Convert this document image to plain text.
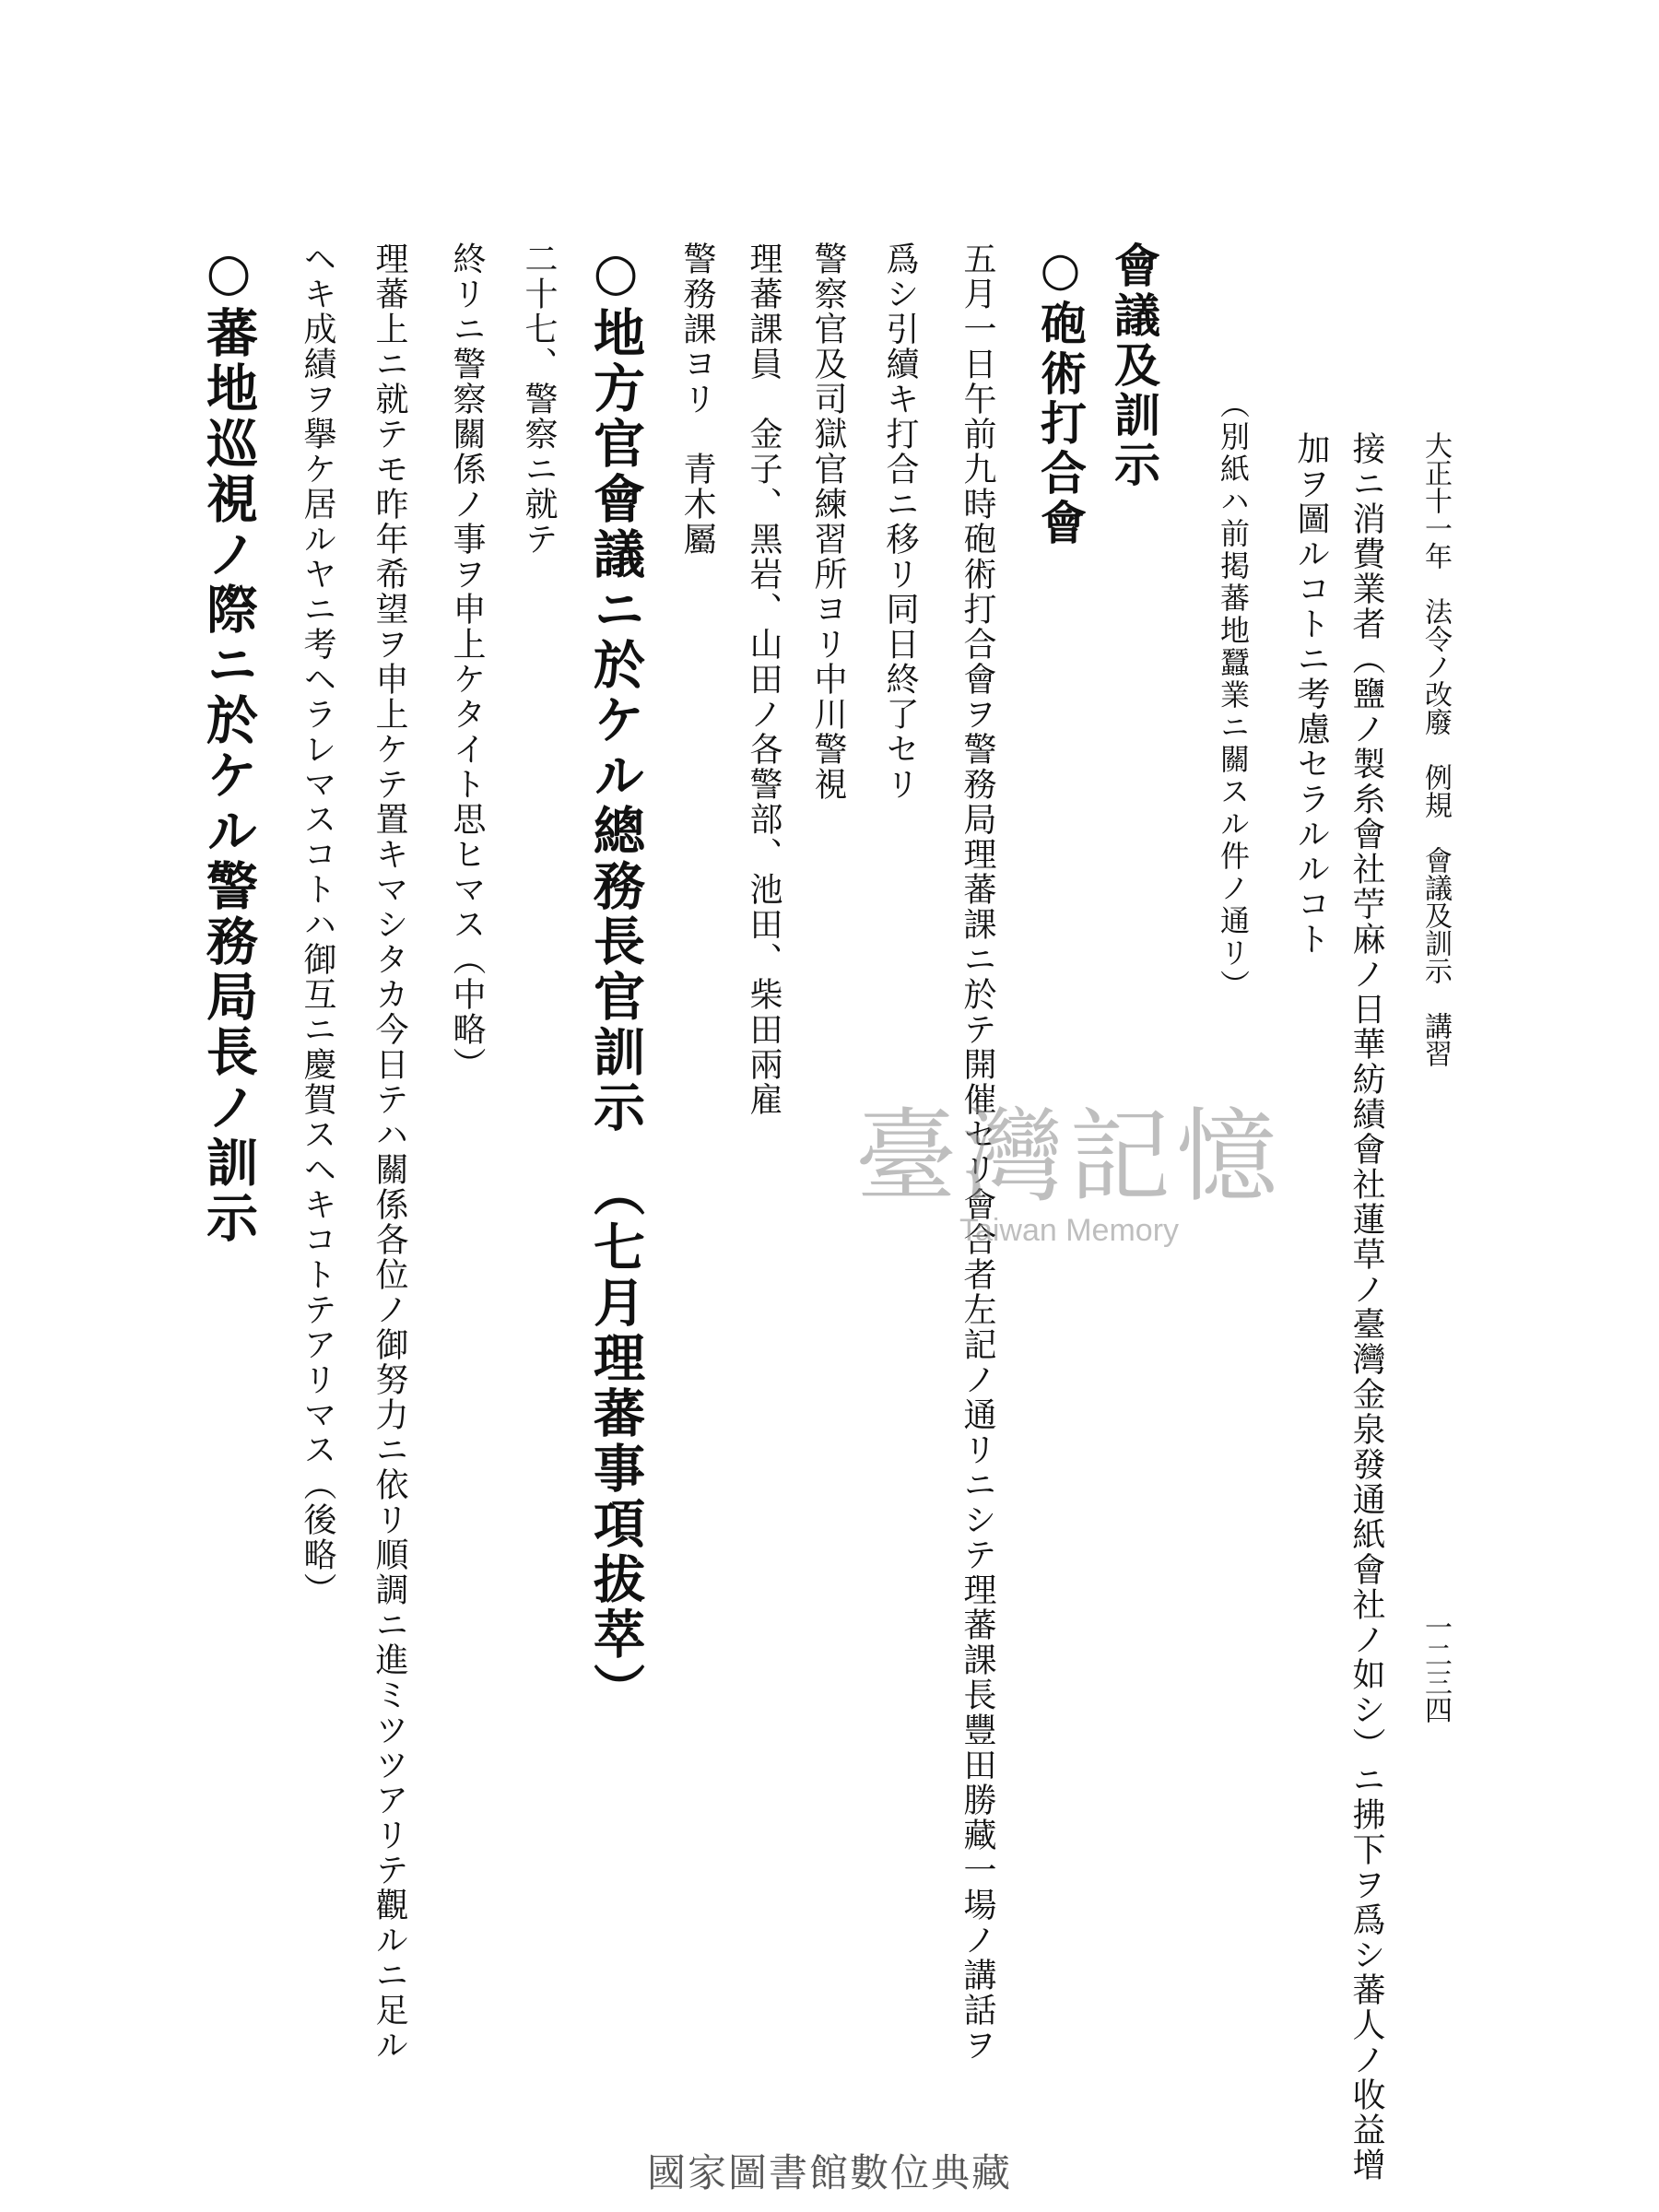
大正十一年　法令ノ改廢　例規　會議及訓示　講習
一二三四
接ニ消費業者（鹽ノ製糸會社苧麻ノ日華紡績會社蓮草ノ臺灣金泉發通紙會社ノ如シ）ニ拂下ヲ爲シ蕃人ノ收益增
加ヲ圖ルコトニ考慮セラルルコト
（別紙ハ前掲蕃地蠶業ニ關スル件ノ通リ）
會議及訓示
○砲術打合會
五月一日午前九時砲術打合會ヲ警務局理蕃課ニ於テ開催セリ會合者左記ノ通リニシテ理蕃課長豐田勝藏一場ノ講話ヲ
爲シ引續キ打合ニ移リ同日終了セリ
警察官及司獄官練習所ヨリ中川警視
理蕃課員　金子、黑岩、山田ノ各警部、池田、柴田兩雇
警務課ヨリ　青木屬
○地方官會議ニ於ケル總務長官訓示　（七月理蕃事項拔萃）
二十七、警察ニ就テ
終リニ警察關係ノ事ヲ申上ケタイト思ヒマス（中略）
理蕃上ニ就テモ昨年希望ヲ申上ケテ置キマシタカ今日テハ關係各位ノ御努力ニ依リ順調ニ進ミツツアリテ觀ルニ足ル
ヘキ成績ヲ擧ケ居ルヤニ考ヘラレマスコトハ御互ニ慶賀スヘキコトテアリマス（後略）
○蕃地巡視ノ際ニ於ケル警務局長ノ訓示	臺灣記憶
Taiwan Memory
國家圖書館數位典藏
